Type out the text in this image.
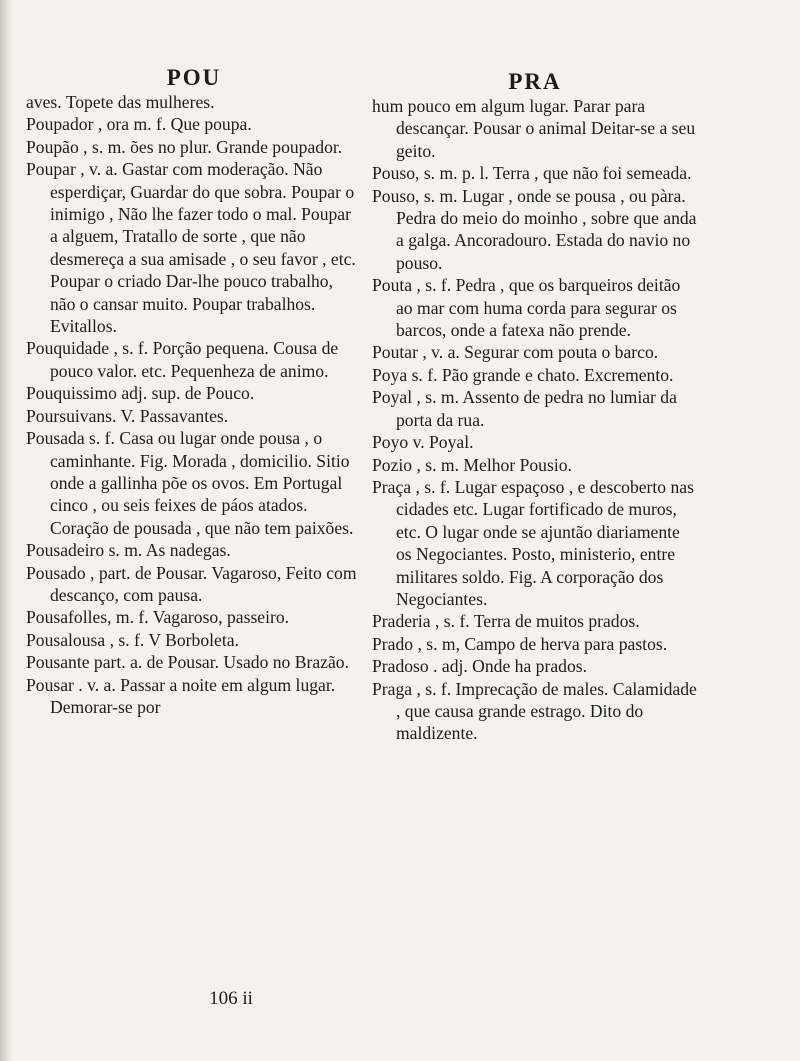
POU

aves. Topete das mulheres.

Poupador , ora m. f. Que poupa.

Poupão , s. m. ões no plur. Grande poupador.

Poupar , v. a. Gastar com moderação. Não esperdiçar, Guardar do que sobra. Poupar o inimigo , Não lhe fazer todo o mal. Poupar a alguem, Tratallo de sorte , que não desmereça a sua amisade , o seu favor , etc. Poupar o criado Dar-lhe pouco trabalho, não o cansar muito. Poupar trabalhos. Evitallos.

Pouquidade , s. f. Porção pequena. Cousa de pouco valor. etc. Pequenheza de animo.

Pouquissimo adj. sup. de Pouco.

Poursuivans. V. Passavantes.

Pousada s. f. Casa ou lugar onde pousa , o caminhante. Fig. Morada , domicilio. Sitio onde a gallinha põe os ovos. Em Portugal cinco , ou seis feixes de páos atados. Coração de pousada , que não tem paixões.

Pousadeiro s. m. As nadegas.

Pousado , part. de Pousar. Vagaroso, Feito com descanço, com pausa.

Pousafolles, m. f. Vagaroso, passeiro.

Pousalousa , s. f. V Borboleta.

Pousante part. a. de Pousar. Usado no Brazão.

Pousar . v. a. Passar a noite em algum lugar. Demorar-se por

PRA

hum pouco em algum lugar. Parar para descançar. Pousar o animal Deitar-se a seu geito.

Pouso, s. m. p. l. Terra , que não foi semeada.

Pouso, s. m. Lugar , onde se pousa , ou pàra. Pedra do meio do moinho , sobre que anda a galga. Ancoradouro. Estada do navio no pouso.

Pouta , s. f. Pedra , que os barqueiros deitão ao mar com huma corda para segurar os barcos, onde a fatexa não prende.

Poutar , v. a. Segurar com pouta o barco.

Poya s. f. Pão grande e chato. Excremento.

Poyal , s. m. Assento de pedra no lumiar da porta da rua.

Poyo v. Poyal.

Pozio , s. m. Melhor Pousio.

Praça , s. f. Lugar espaçoso , e descoberto nas cidades etc. Lugar fortificado de muros, etc. O lugar onde se ajuntão diariamente os Negociantes. Posto, ministerio, entre militares soldo. Fig. A corporação dos Negociantes.

Praderia , s. f. Terra de muitos prados.

Prado , s. m, Campo de herva para pastos.

Pradoso . adj. Onde ha prados.

Praga , s. f. Imprecação de males. Calamidade , que causa grande estrago. Dito do maldizente.

106 ii
